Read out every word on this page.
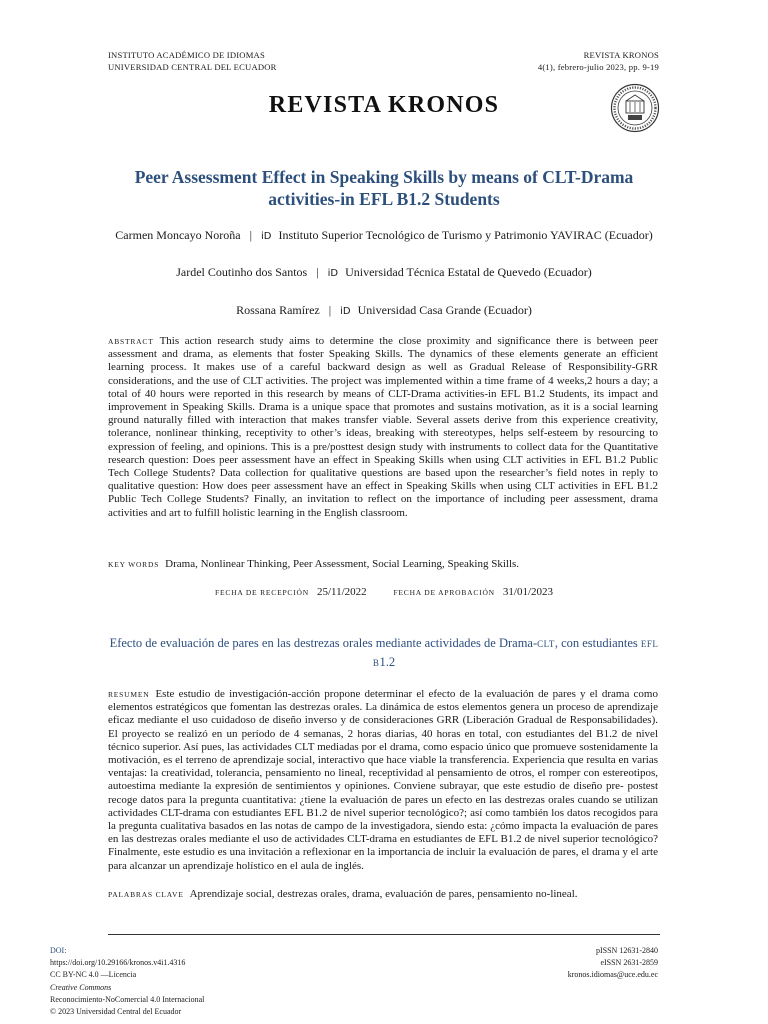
INSTITUTO ACADÉMICO DE IDIOMAS
UNIVERSIDAD CENTRAL DEL ECUADOR
REVISTA KRONOS
4(1), febrero-julio 2023, pp. 9-19
REVISTA KRONOS
Peer Assessment Effect in Speaking Skills by means of CLT-Drama activities-in EFL B1.2 Students
Carmen Moncayo Noroña | iD Instituto Superior Tecnológico de Turismo y Patrimonio YAVIRAC (Ecuador)
Jardel Coutinho dos Santos | iD Universidad Técnica Estatal de Quevedo (Ecuador)
Rossana Ramírez | iD Universidad Casa Grande (Ecuador)
ABSTRACT This action research study aims to determine the close proximity and significance there is between peer assessment and drama, as elements that foster Speaking Skills. The dynamics of these elements generate an efficient learning process. It makes use of a careful backward design as well as Gradual Release of Responsibility-GRR considerations, and the use of CLT activities. The project was implemented within a time frame of 4 weeks,2 hours a day; a total of 40 hours were reported in this research by means of CLT-Drama activities-in EFL B1.2 Students, its impact and improvement in Speaking Skills. Drama is a unique space that promotes and sustains motivation, as it is a social learning ground naturally filled with interaction that makes transfer viable. Several assets derive from this experience creativity, tolerance, nonlinear thinking, receptivity to other’s ideas, breaking with stereotypes, helps self-esteem by resourcing to expression of feeling, and opinions. This is a pre/posttest design study with instruments to collect data for the Quantitative research question: Does peer assessment have an effect in Speaking Skills when using CLT activities in EFL B1.2 Public Tech College Students? Data collection for qualitative questions are based upon the researcher’s field notes in reply to qualitative question: How does peer assessment have an effect in Speaking Skills when using CLT activities in EFL B1.2 Public Tech College Students? Finally, an invitation to reflect on the importance of including peer assessment, drama activities and art to fulfill holistic learning in the English classroom.
KEY WORDS Drama, Nonlinear Thinking, Peer Assessment, Social Learning, Speaking Skills.
FECHA DE RECEPCIÓN 25/11/2022	FECHA DE APROBACIÓN 31/01/2023
Efecto de evaluación de pares en las destrezas orales mediante actividades de Drama-CLT, con estudiantes EFL B1.2
RESUMEN Este estudio de investigación-acción propone determinar el efecto de la evaluación de pares y el drama como elementos estratégicos que fomentan las destrezas orales. La dinámica de estos elementos genera un proceso de aprendizaje eficaz mediante el uso cuidadoso de diseño inverso y de consideraciones GRR (Liberación Gradual de Responsabilidades). El proyecto se realizó en un período de 4 semanas, 2 horas diarias, 40 horas en total, con estudiantes del B1.2 de nivel técnico superior. Así pues, las actividades CLT mediadas por el drama, como espacio único que promueve sostenidamente la motivación, es el terreno de aprendizaje social, interactivo que hace viable la transferencia. Experiencia que resulta en varias ventajas: la creatividad, tolerancia, pensamiento no lineal, receptividad al pensamiento de otros, el romper con estereotipos, autoestima mediante la expresión de sentimientos y opiniones. Conviene subrayar, que este estudio de diseño pre- postest recoge datos para la pregunta cuantitativa: ¿tiene la evaluación de pares un efecto en las destrezas orales cuando se utilizan actividades CLT-drama con estudiantes EFL B1.2 de nivel superior tecnológico?; así como también los datos recogidos para la pregunta cualitativa basados en las notas de campo de la investigadora, siendo esta: ¿cómo impacta la evaluación de pares en las destrezas orales mediante el uso de actividades CLT-drama en estudiantes de EFL B1.2 de nivel superior tecnológico? Finalmente, este estudio es una invitación a reflexionar en la importancia de incluir la evaluación de pares, el drama y el arte para alcanzar un aprendizaje holístico en el aula de inglés.
PALABRAS CLAVE Aprendizaje social, destrezas orales, drama, evaluación de pares, pensamiento no-lineal.
DOI:
https://doi.org/10.29166/kronos.v4i1.4316
CC BY-NC 4.0 —Licencia
Creative Commons
Reconocimiento-NoComercial 4.0 Internacional
© 2023 Universidad Central del Ecuador
pISSN 12631-2840
eISSN 2631-2859
kronos.idiomas@uce.edu.ec
